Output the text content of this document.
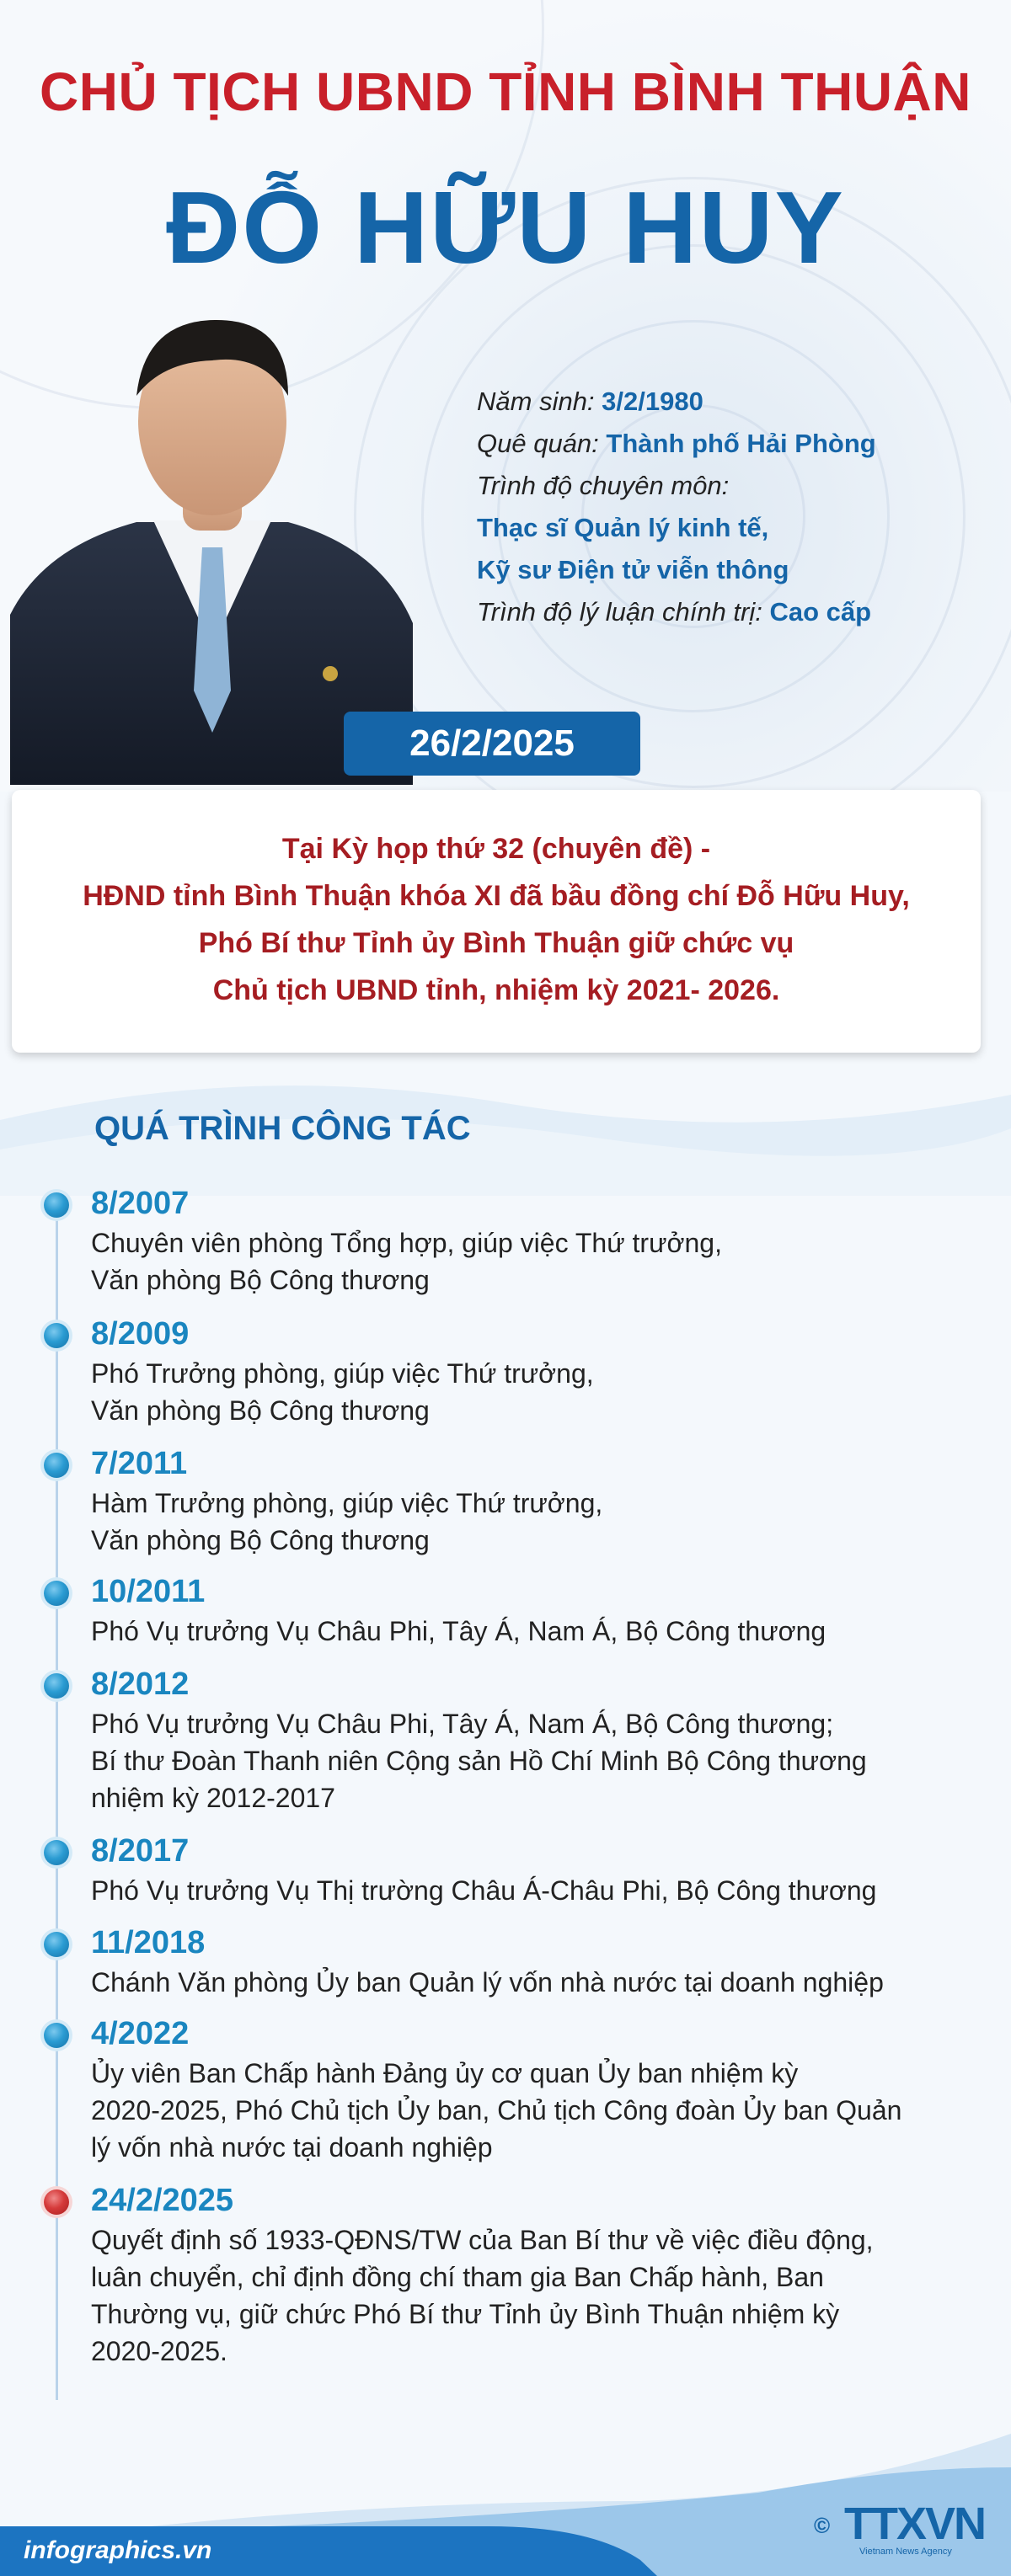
CHỦ TỊCH UBND TỈNH BÌNH THUẬN
ĐỖ HỮU HUY
Năm sinh: 3/2/1980
Quê quán: Thành phố Hải Phòng
Trình độ chuyên môn:
Thạc sĩ Quản lý kinh tế,
Kỹ sư Điện tử viễn thông
Trình độ lý luận chính trị: Cao cấp
Tại Kỳ họp thứ 32 (chuyên đề) -
HĐND tỉnh Bình Thuận khóa XI đã bầu đồng chí Đỗ Hữu Huy,
Phó Bí thư Tỉnh ủy Bình Thuận giữ chức vụ
Chủ tịch UBND tỉnh, nhiệm kỳ 2021- 2026.
26/2/2025
QUÁ TRÌNH CÔNG TÁC
8/2007
Chuyên viên phòng Tổng hợp, giúp việc Thứ trưởng,
Văn phòng Bộ Công thương
8/2009
Phó Trưởng phòng, giúp việc Thứ trưởng,
Văn phòng Bộ Công thương
7/2011
Hàm Trưởng phòng, giúp việc Thứ trưởng,
Văn phòng Bộ Công thương
10/2011
Phó Vụ trưởng Vụ Châu Phi, Tây Á, Nam Á, Bộ Công thương
8/2012
Phó Vụ trưởng Vụ Châu Phi, Tây Á, Nam Á, Bộ Công thương;
Bí thư Đoàn Thanh niên Cộng sản Hồ Chí Minh Bộ Công thương
nhiệm kỳ 2012-2017
8/2017
Phó Vụ trưởng Vụ Thị trường Châu Á-Châu Phi, Bộ Công thương
11/2018
Chánh Văn phòng Ủy ban Quản lý vốn nhà nước tại doanh nghiệp
4/2022
Ủy viên Ban Chấp hành Đảng ủy cơ quan Ủy ban nhiệm kỳ
2020-2025, Phó Chủ tịch Ủy ban, Chủ tịch Công đoàn Ủy ban Quản
lý vốn nhà nước tại doanh nghiệp
24/2/2025
Quyết định số 1933-QĐNS/TW của Ban Bí thư về việc điều động,
luân chuyển, chỉ định đồng chí tham gia Ban Chấp hành, Ban
Thường vụ, giữ chức Phó Bí thư Tỉnh ủy Bình Thuận nhiệm kỳ
2020-2025.
infographics.vn
© TTXVN
Vietnam News Agency
